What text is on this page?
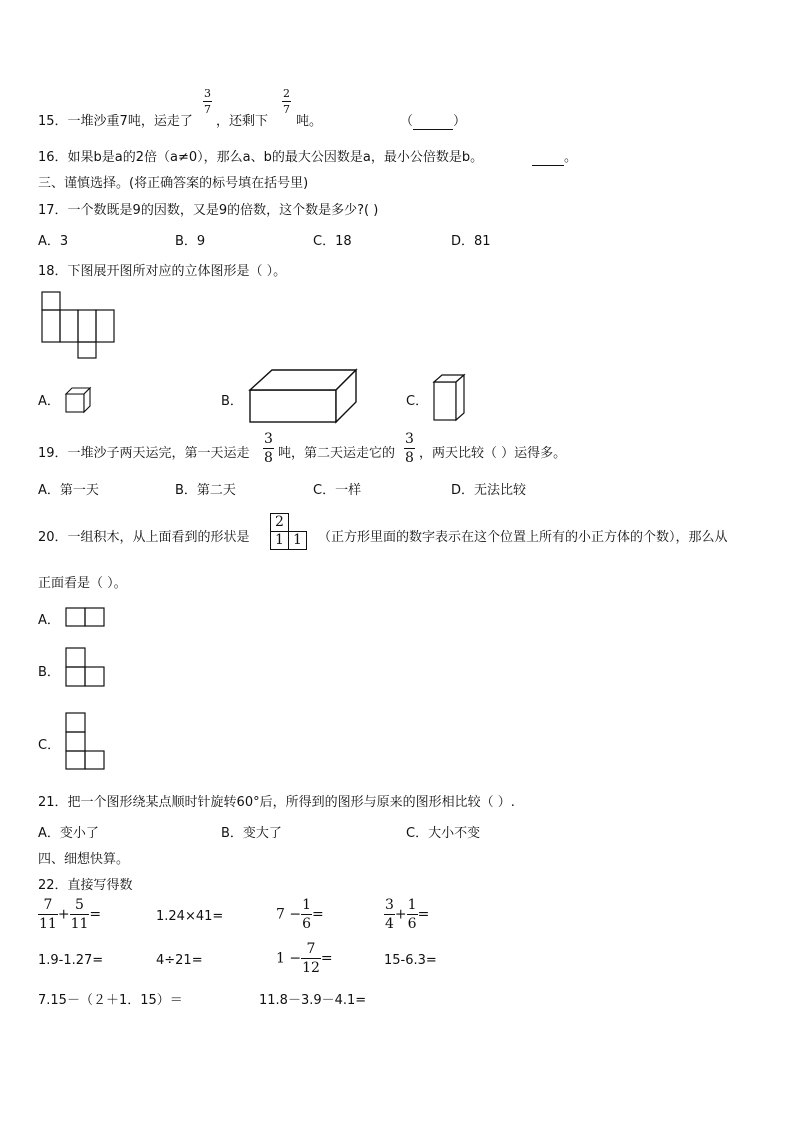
15．一堆沙重7吨，运走了
$\frac{3}{7}$
，还剩下
$\frac{2}{7}$
吨。	（	）
16．如果b是a的2倍（a≠0），那么a、b的最大公因数是a，最小公倍数是b。	。
三、谨慎选择。(将正确答案的标号填在括号里)
17．一个数既是9的因数，又是9的倍数，这个数是多少?( )
A．3	B．9	C．18	D．81
18．下图展开图所对应的立体图形是（ ）。
A．	B．	C．
19．一堆沙子两天运完，第一天运走 $\frac{3}{8}$ 吨，第二天运走它的 $\frac{3}{8}$ ，两天比较（ ）运得多。
A．第一天	B．第二天	C．一样	D．无法比较
20．一组积木，从上面看到的形状是
2
1 1	（正方形里面的数字表示在这个位置上所有的小正方体的个数），那么从
正面看是（ ）。
A．
B．
C．
21．把一个图形绕某点顺时针旋转60°后，所得到的图形与原来的图形相比较（ ）.
A．变小了	B．变大了	C．大小不变
四、细想快算。
22．直接写得数
$\frac{7}{11} + \frac{5}{11}$ =	1.24×41=	$7 - \frac{1}{6}$ =	$\frac{3}{4} + \frac{1}{6}$ =
1.9-1.27=	4÷21=	$1 - \frac{7}{12}$ =	15-6.3=
7.15－（２＋1．15）＝	11.8－3.9－4.1=
